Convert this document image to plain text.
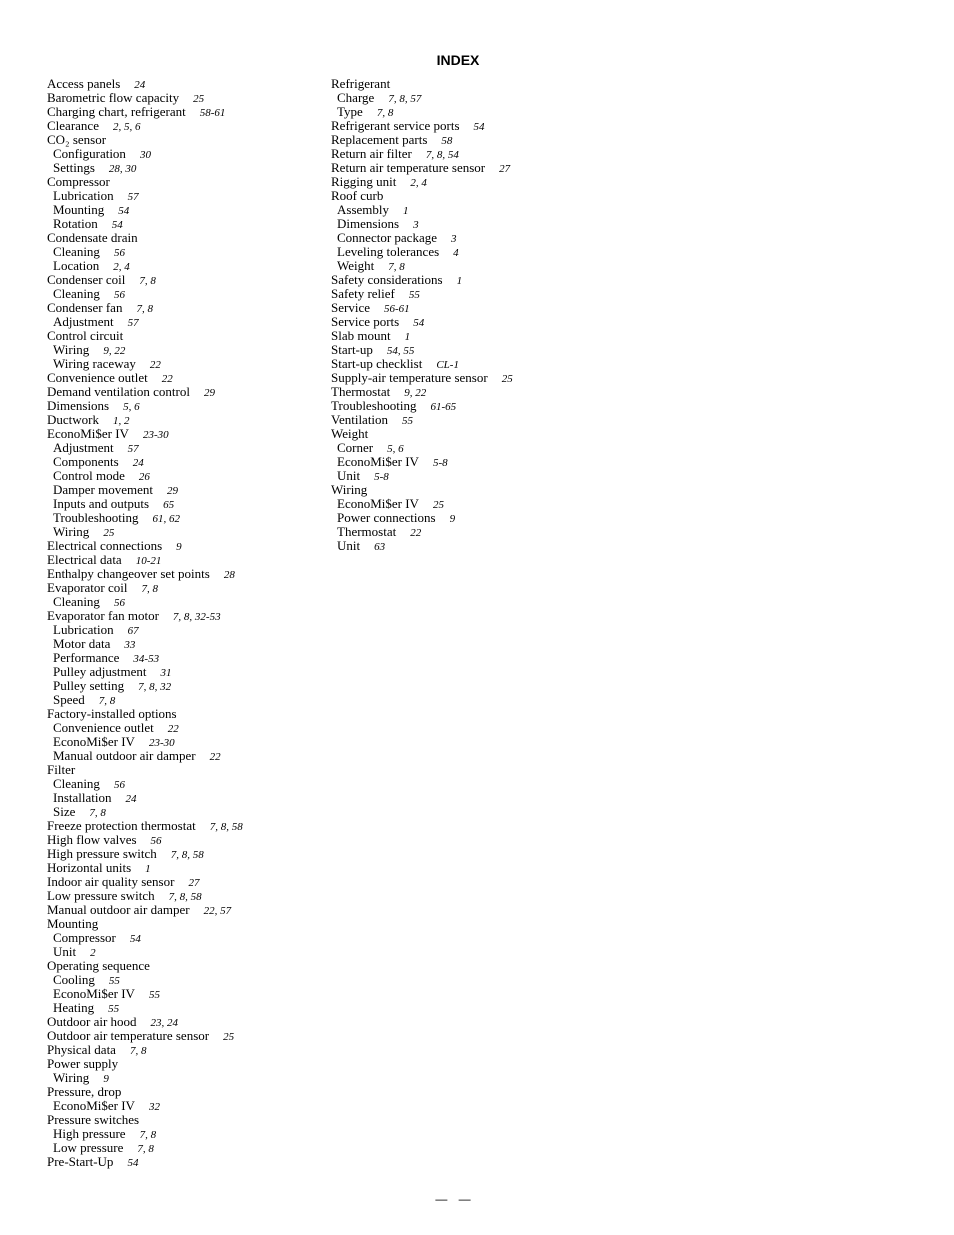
INDEX
Access panels 24
Barometric flow capacity 25
Charging chart, refrigerant 58-61
Clearance 2, 5, 6
CO₂ sensor
Configuration 30
Settings 28, 30
Compressor
Lubrication 57
Mounting 54
Rotation 54
Condensate drain
Cleaning 56
Location 2, 4
Condenser coil 7, 8
Cleaning 56
Condenser fan 7, 8
Adjustment 57
Control circuit
Wiring 9, 22
Wiring raceway 22
Convenience outlet 22
Demand ventilation control 29
Dimensions 5, 6
Ductwork 1, 2
EconoMi$er IV 23-30
Adjustment 57
Components 24
Control mode 26
Damper movement 29
Inputs and outputs 65
Troubleshooting 61, 62
Wiring 25
Electrical connections 9
Electrical data 10-21
Enthalpy changeover set points 28
Evaporator coil 7, 8
Cleaning 56
Evaporator fan motor 7, 8, 32-53
Lubrication 67
Motor data 33
Performance 34-53
Pulley adjustment 31
Pulley setting 7, 8, 32
Speed 7, 8
Factory-installed options
Convenience outlet 22
EconoMi$er IV 23-30
Manual outdoor air damper 22
Filter
Cleaning 56
Installation 24
Size 7, 8
Freeze protection thermostat 7, 8, 58
High flow valves 56
High pressure switch 7, 8, 58
Horizontal units 1
Indoor air quality sensor 27
Low pressure switch 7, 8, 58
Manual outdoor air damper 22, 57
Mounting
Compressor 54
Unit 2
Operating sequence
Cooling 55
EconoMi$er IV 55
Heating 55
Outdoor air hood 23, 24
Outdoor air temperature sensor 25
Physical data 7, 8
Power supply
Wiring 9
Pressure, drop
EconoMi$er IV 32
Pressure switches
High pressure 7, 8
Low pressure 7, 8
Pre-Start-Up 54
Refrigerant
Charge 7, 8, 57
Type 7, 8
Refrigerant service ports 54
Replacement parts 58
Return air filter 7, 8, 54
Return air temperature sensor 27
Rigging unit 2, 4
Roof curb
Assembly 1
Dimensions 3
Connector package 3
Leveling tolerances 4
Weight 7, 8
Safety considerations 1
Safety relief 55
Service 56-61
Service ports 54
Slab mount 1
Start-up 54, 55
Start-up checklist CL-1
Supply-air temperature sensor 25
Thermostat 9, 22
Troubleshooting 61-65
Ventilation 55
Weight
Corner 5, 6
EconoMi$er IV 5-8
Unit 5-8
Wiring
EconoMi$er IV 25
Power connections 9
Thermostat 22
Unit 63
— —
